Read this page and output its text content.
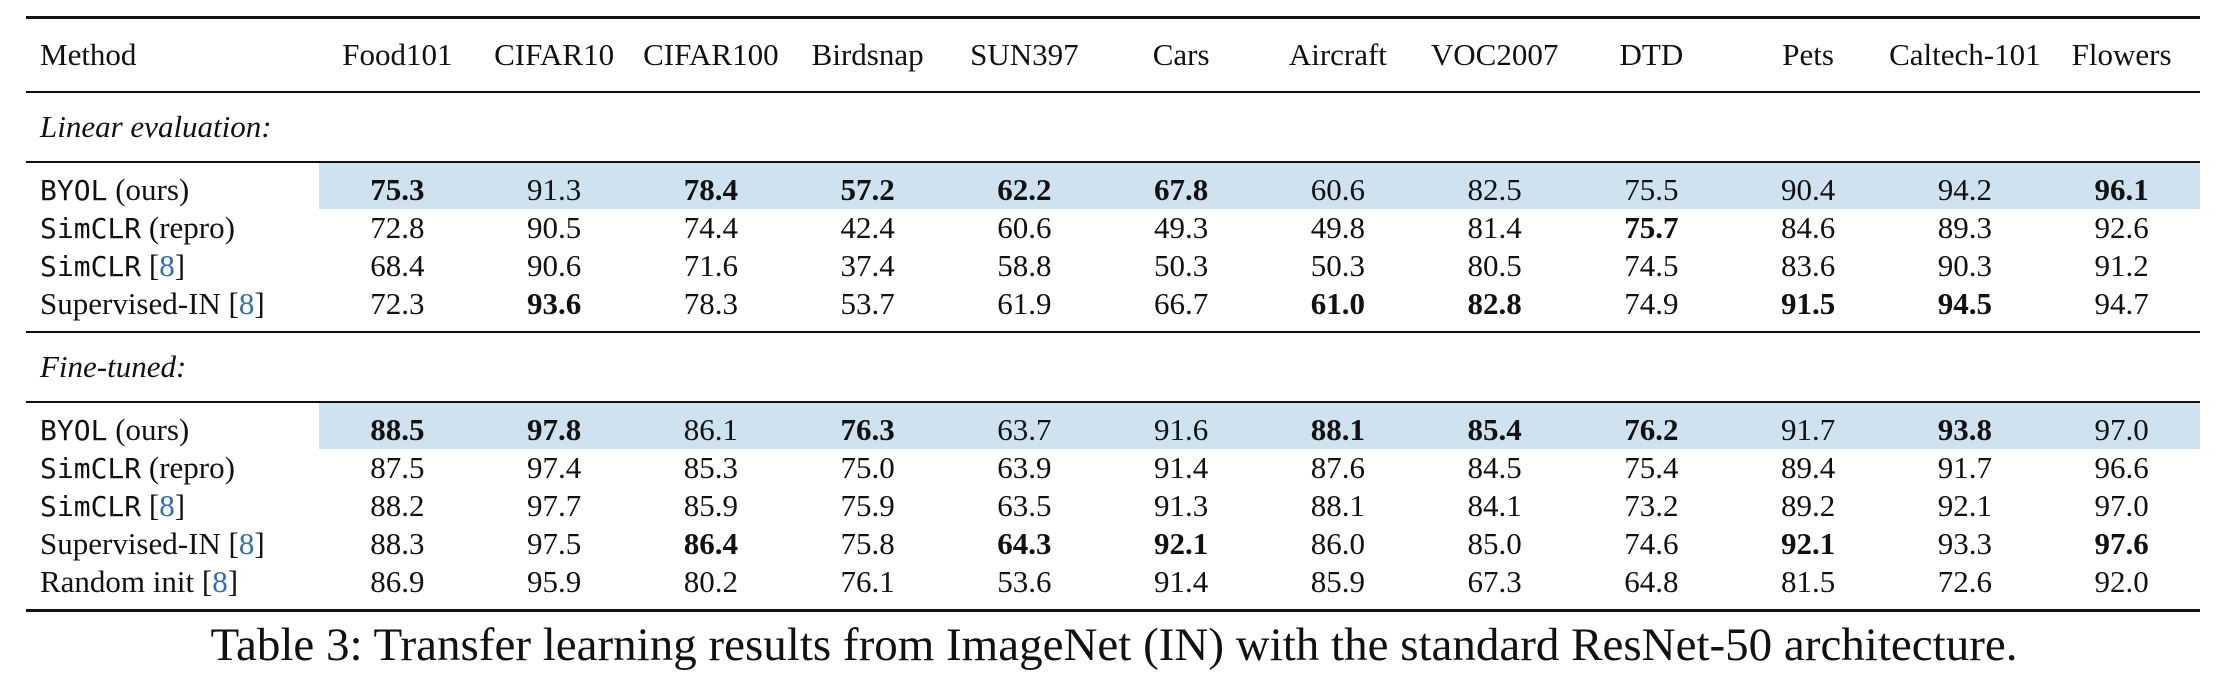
Method	Food101	CIFAR10	CIFAR100	Birdsnap	SUN397	Cars	Aircraft	VOC2007	DTD	Pets	Caltech-101	Flowers
Linear evaluation:												
BYOL (ours)	75.3	91.3	78.4	57.2	62.2	67.8	60.6	82.5	75.5	90.4	94.2	96.1
SimCLR (repro)	72.8	90.5	74.4	42.4	60.6	49.3	49.8	81.4	75.7	84.6	89.3	92.6
SimCLR [8]	68.4	90.6	71.6	37.4	58.8	50.3	50.3	80.5	74.5	83.6	90.3	91.2
Supervised-IN [8]	72.3	93.6	78.3	53.7	61.9	66.7	61.0	82.8	74.9	91.5	94.5	94.7
Fine-tuned:												
BYOL (ours)	88.5	97.8	86.1	76.3	63.7	91.6	88.1	85.4	76.2	91.7	93.8	97.0
SimCLR (repro)	87.5	97.4	85.3	75.0	63.9	91.4	87.6	84.5	75.4	89.4	91.7	96.6
SimCLR [8]	88.2	97.7	85.9	75.9	63.5	91.3	88.1	84.1	73.2	89.2	92.1	97.0
Supervised-IN [8]	88.3	97.5	86.4	75.8	64.3	92.1	86.0	85.0	74.6	92.1	93.3	97.6
Random init [8]	86.9	95.9	80.2	76.1	53.6	91.4	85.9	67.3	64.8	81.5	72.6	92.0
Table 3: Transfer learning results from ImageNet (IN) with the standard ResNet-50 architecture.
